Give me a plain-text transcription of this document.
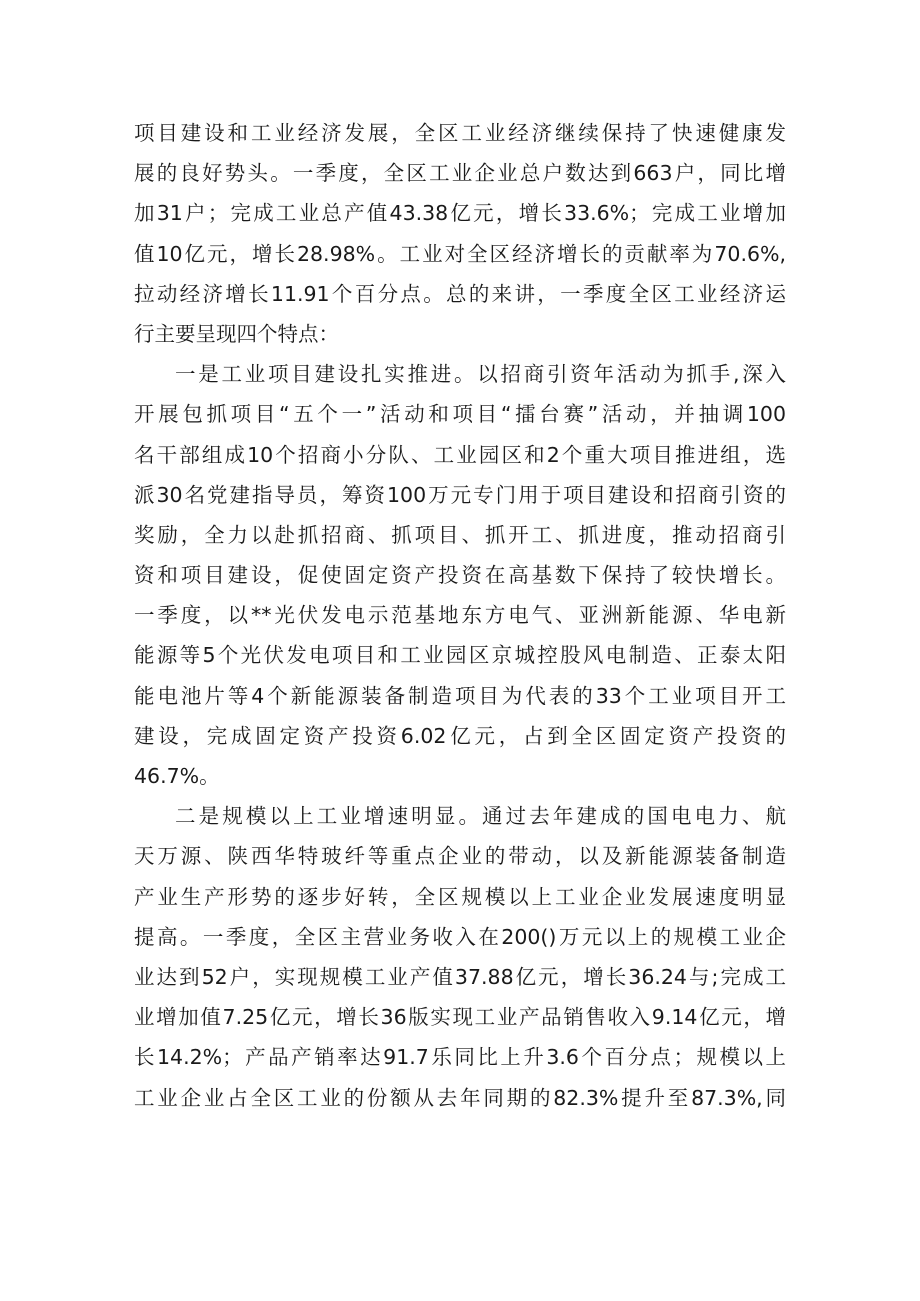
项目建设和工业经济发展，全区工业经济继续保持了快速健康发
展的良好势头。一季度，全区工业企业总户数达到663户，同比增
加31户；完成工业总产值43.38亿元，增长33.6%；完成工业增加
值10亿元，增长28.98%。工业对全区经济增长的贡献率为70.6%,
拉动经济增长11.91个百分点。总的来讲，一季度全区工业经济运
行主要呈现四个特点：
一是工业项目建设扎实推进。以招商引资年活动为抓手,深入
开展包抓项目“五个一”活动和项目“擂台赛”活动，并抽调100
名干部组成10个招商小分队、工业园区和2个重大项目推进组，选
派30名党建指导员，筹资100万元专门用于项目建设和招商引资的
奖励，全力以赴抓招商、抓项目、抓开工、抓进度，推动招商引
资和项目建设，促使固定资产投资在高基数下保持了较快增长。
一季度，以**光伏发电示范基地东方电气、亚洲新能源、华电新
能源等5个光伏发电项目和工业园区京城控股风电制造、正泰太阳
能电池片等4个新能源装备制造项目为代表的33个工业项目开工
建设，完成固定资产投资6.02亿元，占到全区固定资产投资的
46.7%。
二是规模以上工业增速明显。通过去年建成的国电电力、航
天万源、陕西华特玻纤等重点企业的带动，以及新能源装备制造
产业生产形势的逐步好转，全区规模以上工业企业发展速度明显
提高。一季度，全区主营业务收入在200()万元以上的规模工业企
业达到52户，实现规模工业产值37.88亿元，增长36.24与;完成工
业增加值7.25亿元，增长36版实现工业产品销售收入9.14亿元，增
长14.2%；产品产销率达91.7乐同比上升3.6个百分点；规模以上
工业企业占全区工业的份额从去年同期的82.3%提升至87.3%,同
